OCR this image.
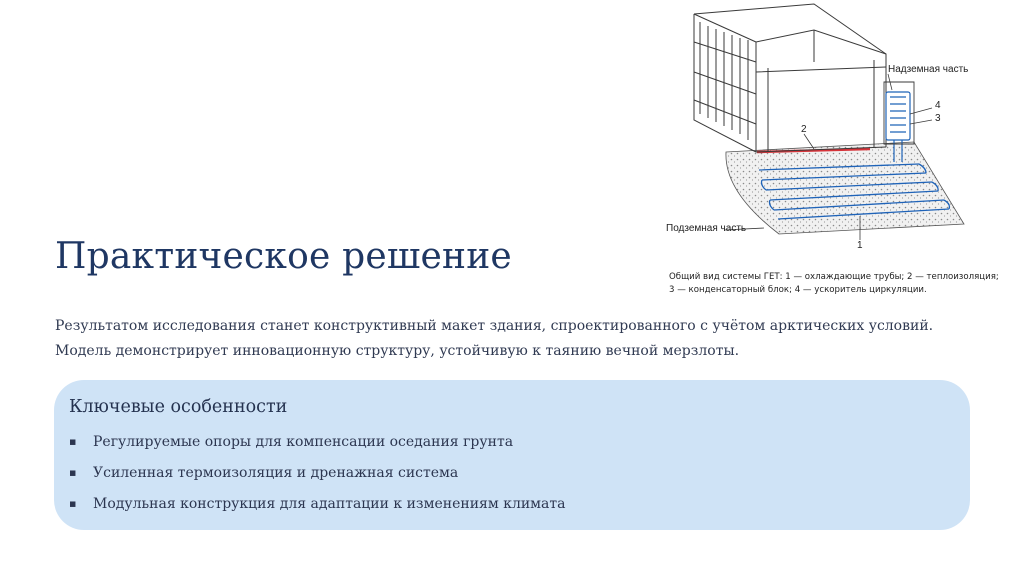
Надземная часть
Подземная часть
4
3
2
1
Общий вид системы ГЕТ: 1 — охлаждающие трубы; 2 — теплоизоляция; 3 — конденсаторный блок; 4 — ускоритель циркуляции.
Практическое решение

Результатом исследования станет конструктивный макет здания, спроектированного с учётом арктических условий. Модель демонстрирует инновационную структуру, устойчивую к таянию вечной мерзлоты.

Ключевые особенности
▪ Регулируемые опоры для компенсации оседания грунта
▪ Усиленная термоизоляция и дренажная система
▪ Модульная конструкция для адаптации к изменениям климата
